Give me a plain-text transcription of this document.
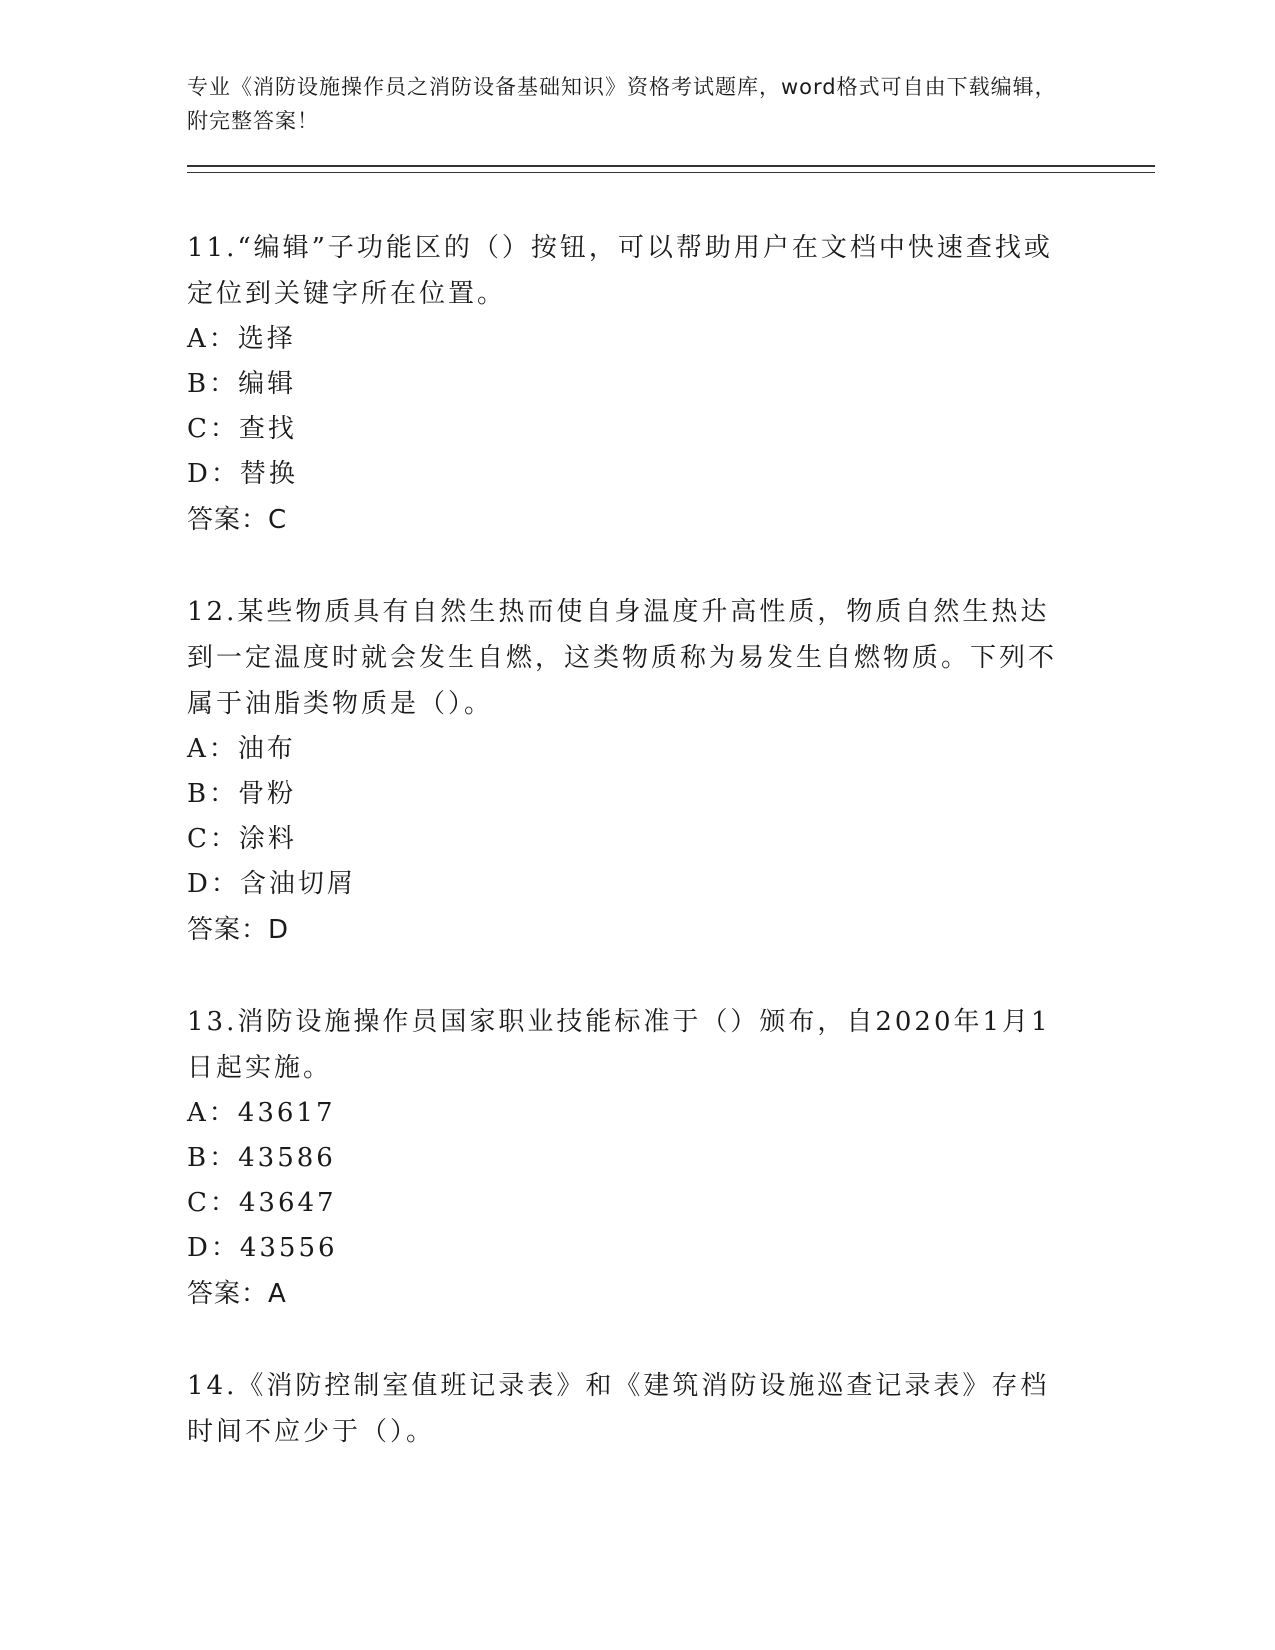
专业《消防设施操作员之消防设备基础知识》资格考试题库，word格式可自由下载编辑，附完整答案！
11.“编辑”子功能区的（）按钮，可以帮助用户在文档中快速查找或定位到关键字所在位置。
A：选择
B：编辑
C：查找
D：替换
答案：C
12.某些物质具有自然生热而使自身温度升高性质，物质自然生热达到一定温度时就会发生自燃，这类物质称为易发生自燃物质。下列不属于油脂类物质是（）。
A：油布
B：骨粉
C：涂料
D：含油切屑
答案：D
13.消防设施操作员国家职业技能标准于（）颁布，自2020年1月1日起实施。
A：43617
B：43586
C：43647
D：43556
答案：A
14.《消防控制室值班记录表》和《建筑消防设施巡查记录表》存档时间不应少于（）。
